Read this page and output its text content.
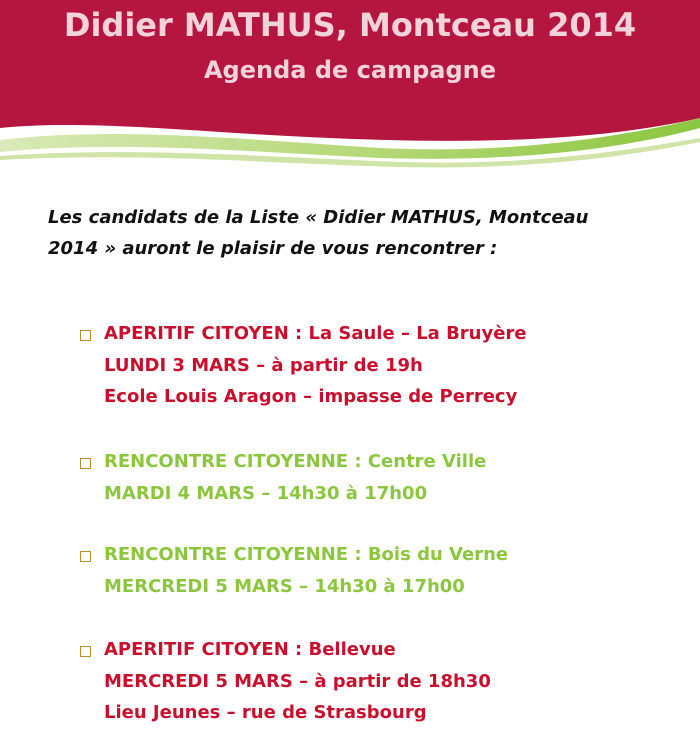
Didier MATHUS, Montceau 2014
Agenda de campagne
Les candidats de la Liste « Didier MATHUS, Montceau
2014 » auront le plaisir de vous rencontrer :
APERITIF CITOYEN : La Saule – La Bruyère
LUNDI 3 MARS – à partir de 19h
Ecole Louis Aragon – impasse de Perrecy
RENCONTRE CITOYENNE : Centre Ville
MARDI 4 MARS – 14h30 à 17h00
RENCONTRE CITOYENNE : Bois du Verne
MERCREDI 5 MARS – 14h30 à 17h00
APERITIF CITOYEN : Bellevue
MERCREDI 5 MARS – à partir de 18h30
Lieu Jeunes – rue de Strasbourg
